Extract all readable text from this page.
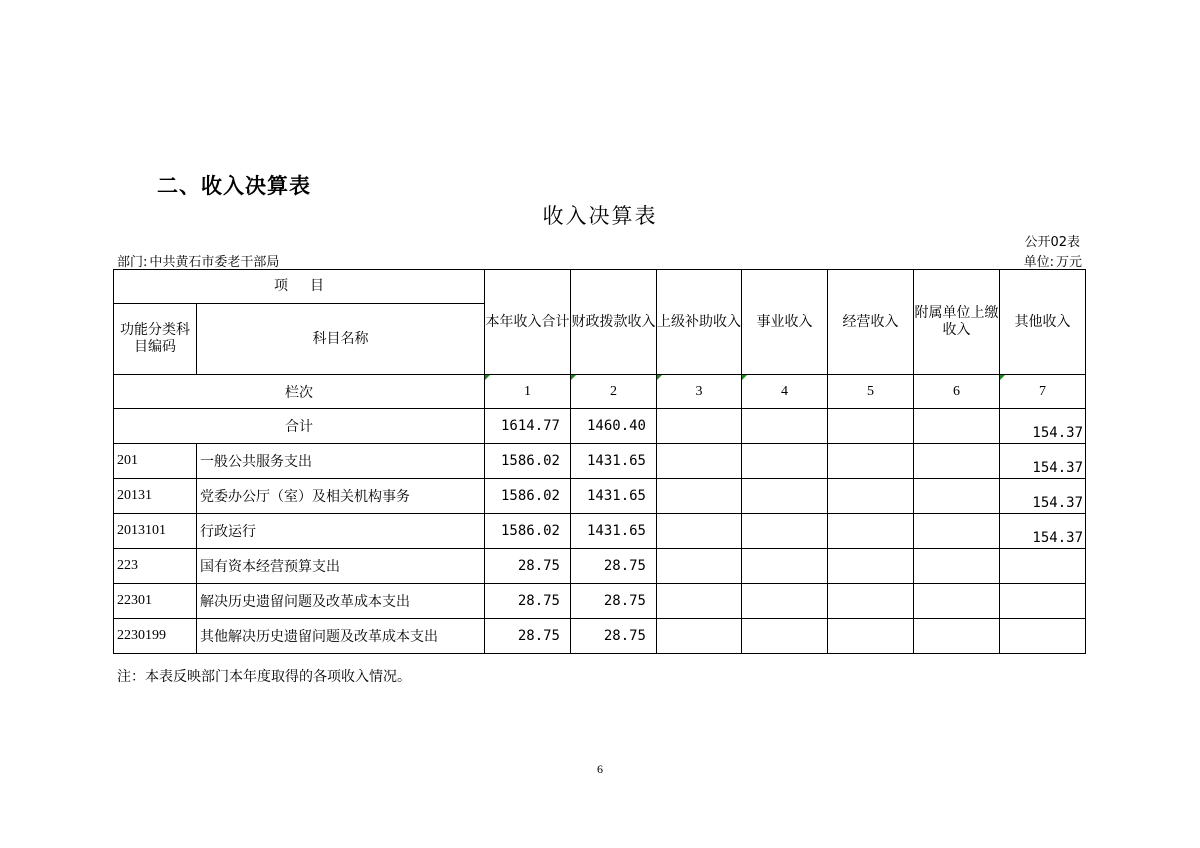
二、收入决算表
收入决算表
公开02表
部门: 中共黄石市委老干部局	单位: 万元
项目		本年收入合计	财政拨款收入	上级补助收入	事业收入	经营收入	附属单位上缴收入	其他收入
功能分类科目编码	科目名称							
栏次		1	2	3	4	5	6	7
合计		1614.77	1460.40					154.37
201	一般公共服务支出	1586.02	1431.65					154.37
20131	党委办公厅（室）及相关机构事务	1586.02	1431.65					154.37
2013101	行政运行	1586.02	1431.65					154.37
223	国有资本经营预算支出	28.75	28.75					
22301	解决历史遗留问题及改革成本支出	28.75	28.75					
2230199	其他解决历史遗留问题及改革成本支出	28.75	28.75					
注：本表反映部门本年度取得的各项收入情况。
6
